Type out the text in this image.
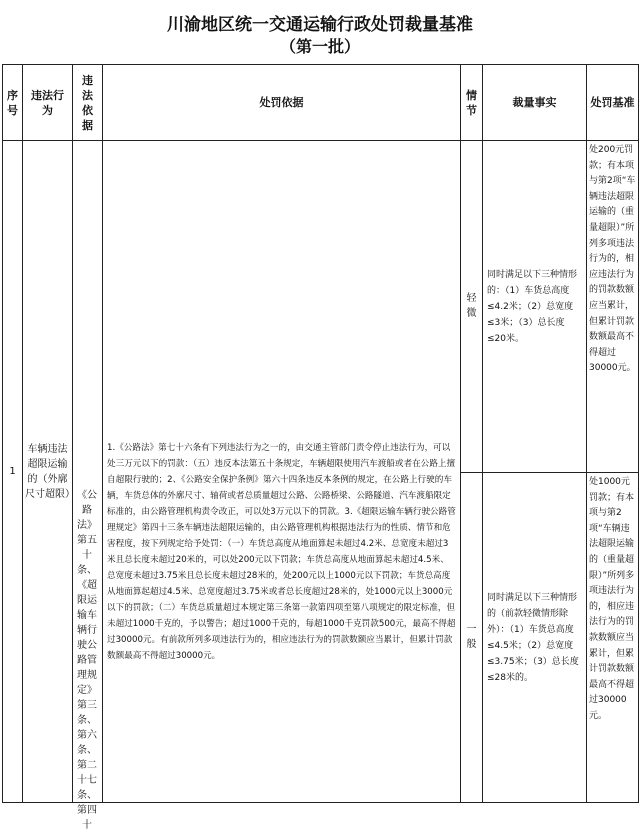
川渝地区统一交通运输行政处罚裁量基准
（第一批）
序号	违法行为	违法依据	处罚依据	情节	裁量事实	处罚基准
1	车辆违法超限运输的（外廓尺寸超限）	《公路法》第五十条、《超限运输车辆行驶公路管理规定》第三条、第六条、第二十七条、第四十	1.《公路法》第七十六条有下列违法行为之一的，由交通主管部门责令停止违法行为，可以处三万元以下的罚款：（五）违反本法第五十条规定，车辆超限使用汽车渡船或者在公路上擅自超限行驶的；2、《公路安全保护条例》第六十四条违反本条例的规定，在公路上行驶的车辆，车货总体的外廓尺寸、轴荷或者总质量超过公路、公路桥梁、公路隧道、汽车渡船限定标准的，由公路管理机构责令改正，可以处3万元以下的罚款。3.《超限运输车辆行驶公路管理规定》第四十三条车辆违法超限运输的，由公路管理机构根据违法行为的性质、情节和危害程度，按下列规定给予处罚：（一）车货总高度从地面算起未超过4.2米、总宽度未超过3米且总长度未超过20米的，可以处200元以下罚款；车货总高度从地面算起未超过4.5米、总宽度未超过3.75米且总长度未超过28米的，处200元以上1000元以下罚款；车货总高度从地面算起超过4.5米、总宽度超过3.75米或者总长度超过28米的，处1000元以上3000元以下的罚款；（二）车货总质量超过本规定第三条第一款第四项至第八项规定的限定标准，但未超过1000千克的，予以警告；超过1000千克的，每超1000千克罚款500元，最高不得超过30000元。有前款所列多项违法行为的，相应违法行为的罚款数额应当累计，但累计罚款数额最高不得超过30000元。	轻微	同时满足以下三种情形的：（1）车货总高度≤4.2米；（2）总宽度≤3米；（3）总长度≤20米。	处200元罚款；有本项与第2项“车辆违法超限运输的（重量超限）”所列多项违法行为的，相应违法行为的罚款数额应当累计，但累计罚款数额最高不得超过30000元。
				一般	同时满足以下三种情形的（前款轻微情形除外）：（1）车货总高度≤4.5米；（2）总宽度≤3.75米；（3）总长度≤28米的。	处1000元罚款；有本项与第2项“车辆违法超限运输的（重量超限）”所列多项违法行为的，相应违法行为的罚款数额应当累计，但累计罚款数额最高不得超过30000元。
